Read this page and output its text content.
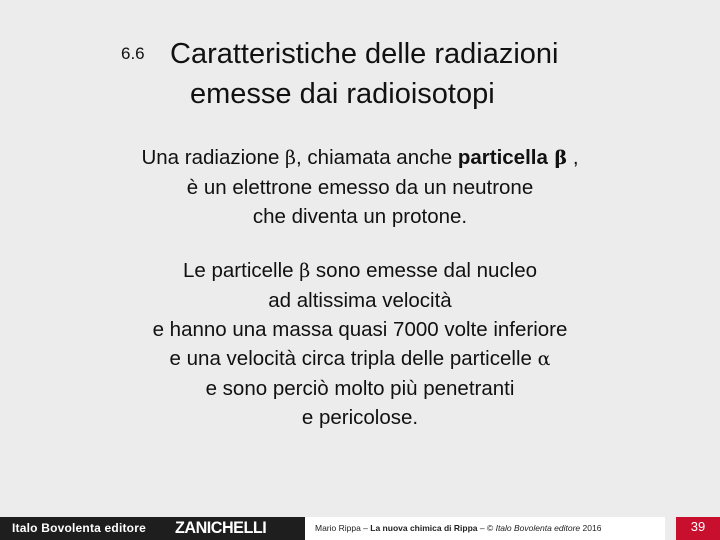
6.6 Caratteristiche delle radiazioni
emesse dai radioisotopi
Una radiazione β, chiamata anche particella β ,
è un elettrone emesso da un neutrone
che diventa un protone.
Le particelle β sono emesse dal nucleo
ad altissima velocità
e hanno una massa quasi 7000 volte inferiore
e una velocità circa tripla delle particelle α
e sono perciò molto più penetranti
e pericolose.
Italo Bovolenta editore ZANICHELLI	Mario Rippa – La nuova chimica di Rippa – © Italo Bovolenta editore 2016	39
